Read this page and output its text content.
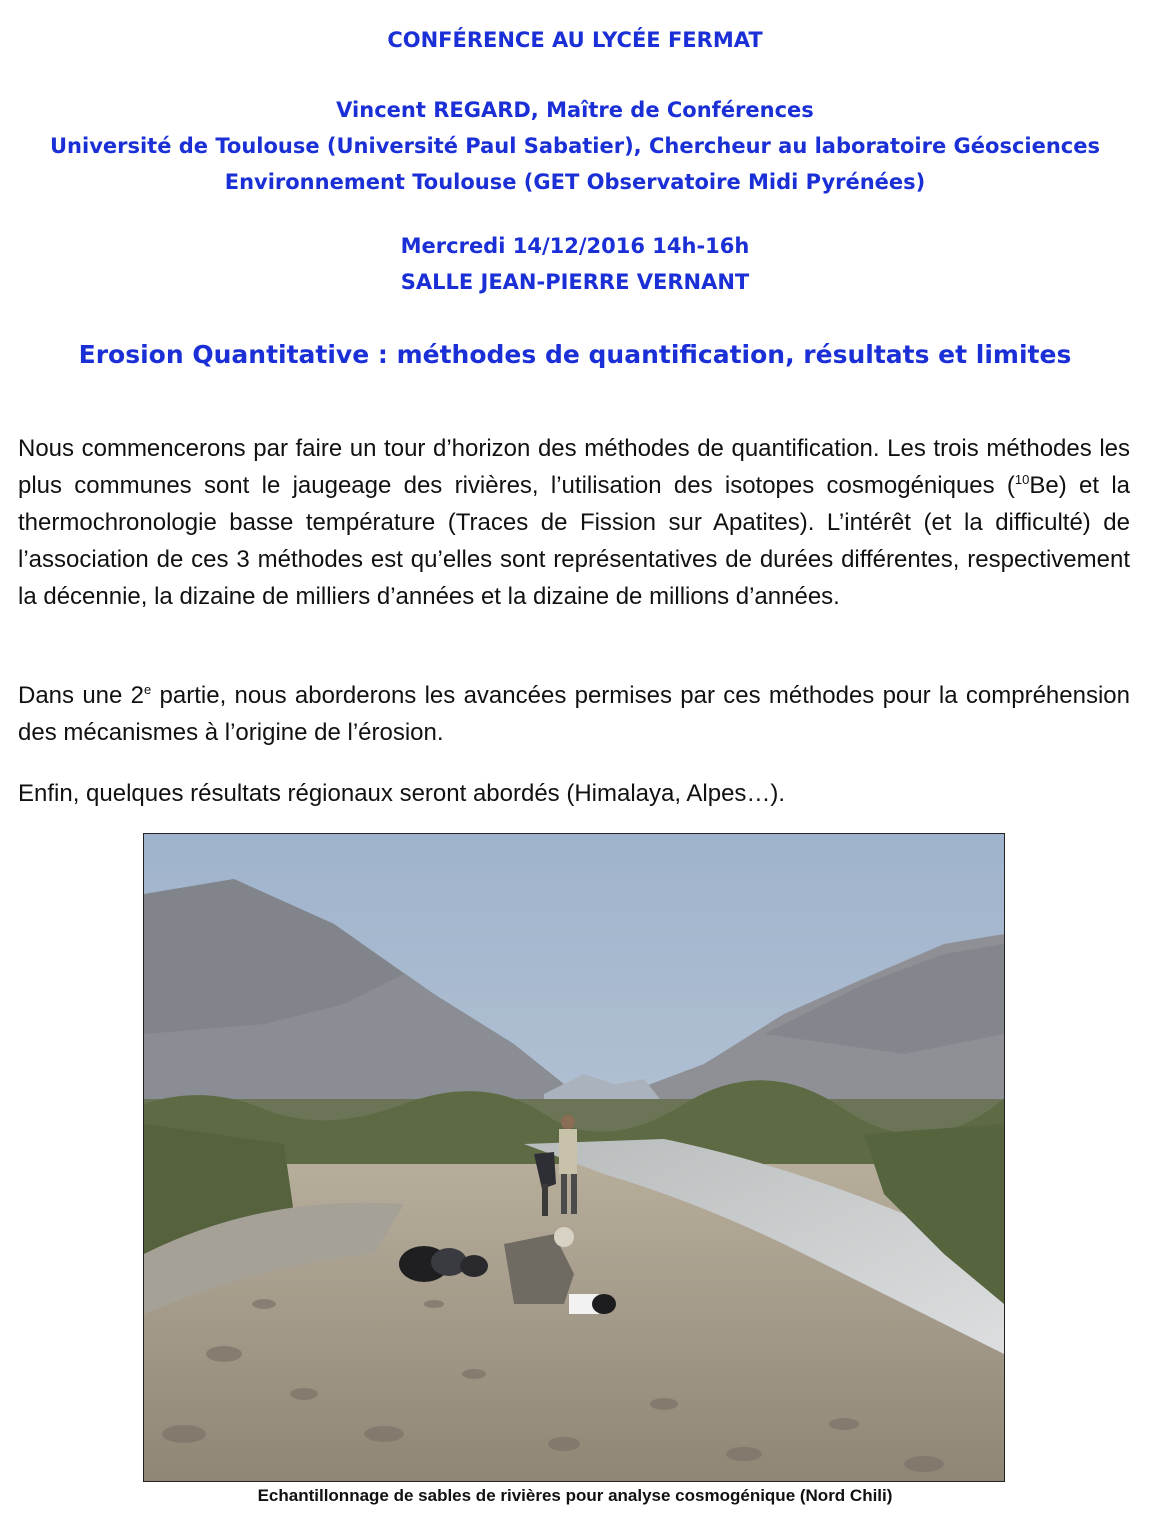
CONFÉRENCE AU LYCÉE FERMAT
Vincent REGARD, Maître de Conférences
Université de Toulouse (Université Paul Sabatier), Chercheur au laboratoire Géosciences
Environnement Toulouse (GET Observatoire Midi Pyrénées)
Mercredi 14/12/2016 14h-16h
SALLE JEAN-PIERRE VERNANT
Erosion Quantitative : méthodes de quantification, résultats et limites

Nous commencerons par faire un tour d’horizon des méthodes de quantification. Les trois méthodes les plus communes sont le jaugeage des rivières, l’utilisation des isotopes cosmogéniques ($^{10}$Be) et la thermochronologie basse température (Traces de Fission sur Apatites). L’intérêt (et la difficulté) de l’association de ces 3 méthodes est qu’elles sont représentatives de durées différentes, respectivement la décennie, la dizaine de milliers d’années et la dizaine de millions d’années.

Dans une 2e partie, nous aborderons les avancées permises par ces méthodes pour la compréhension des mécanismes à l’origine de l’érosion.

Enfin, quelques résultats régionaux seront abordés (Himalaya, Alpes…).

Echantillonnage de sables de rivières pour analyse cosmogénique (Nord Chili)
